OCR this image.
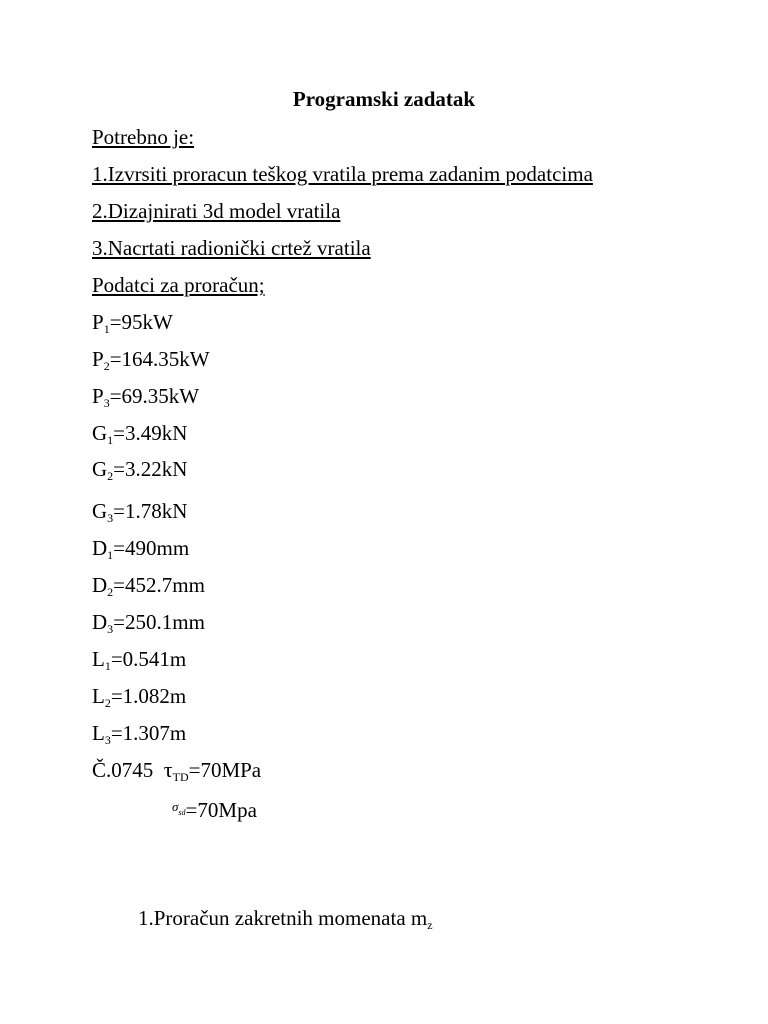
Programski zadatak
Potrebno je:
1.Izvrsiti proracun teškog vratila prema zadanim podatcima
2.Dizajnirati 3d model vratila
3.Nacrtati radionički crtež vratila
Podatci za proračun;
$P_1=95kW$
$P_2=164.35kW$
$P_3=69.35kW$
$G_1=3.49kN$
$G_2=3.22kN$
$G_3=1.78kN$
$D_1=490mm$
$D_2=452.7mm$
$D_3=250.1mm$
$L_1=0.541m$
$L_2=1.082m$
$L_3=1.307m$
Č.0745 $\tau_{TD}=70MPa$
$^\sigma$sd=70Mpa
1.Proračun zakretnih momenata $m_z$
